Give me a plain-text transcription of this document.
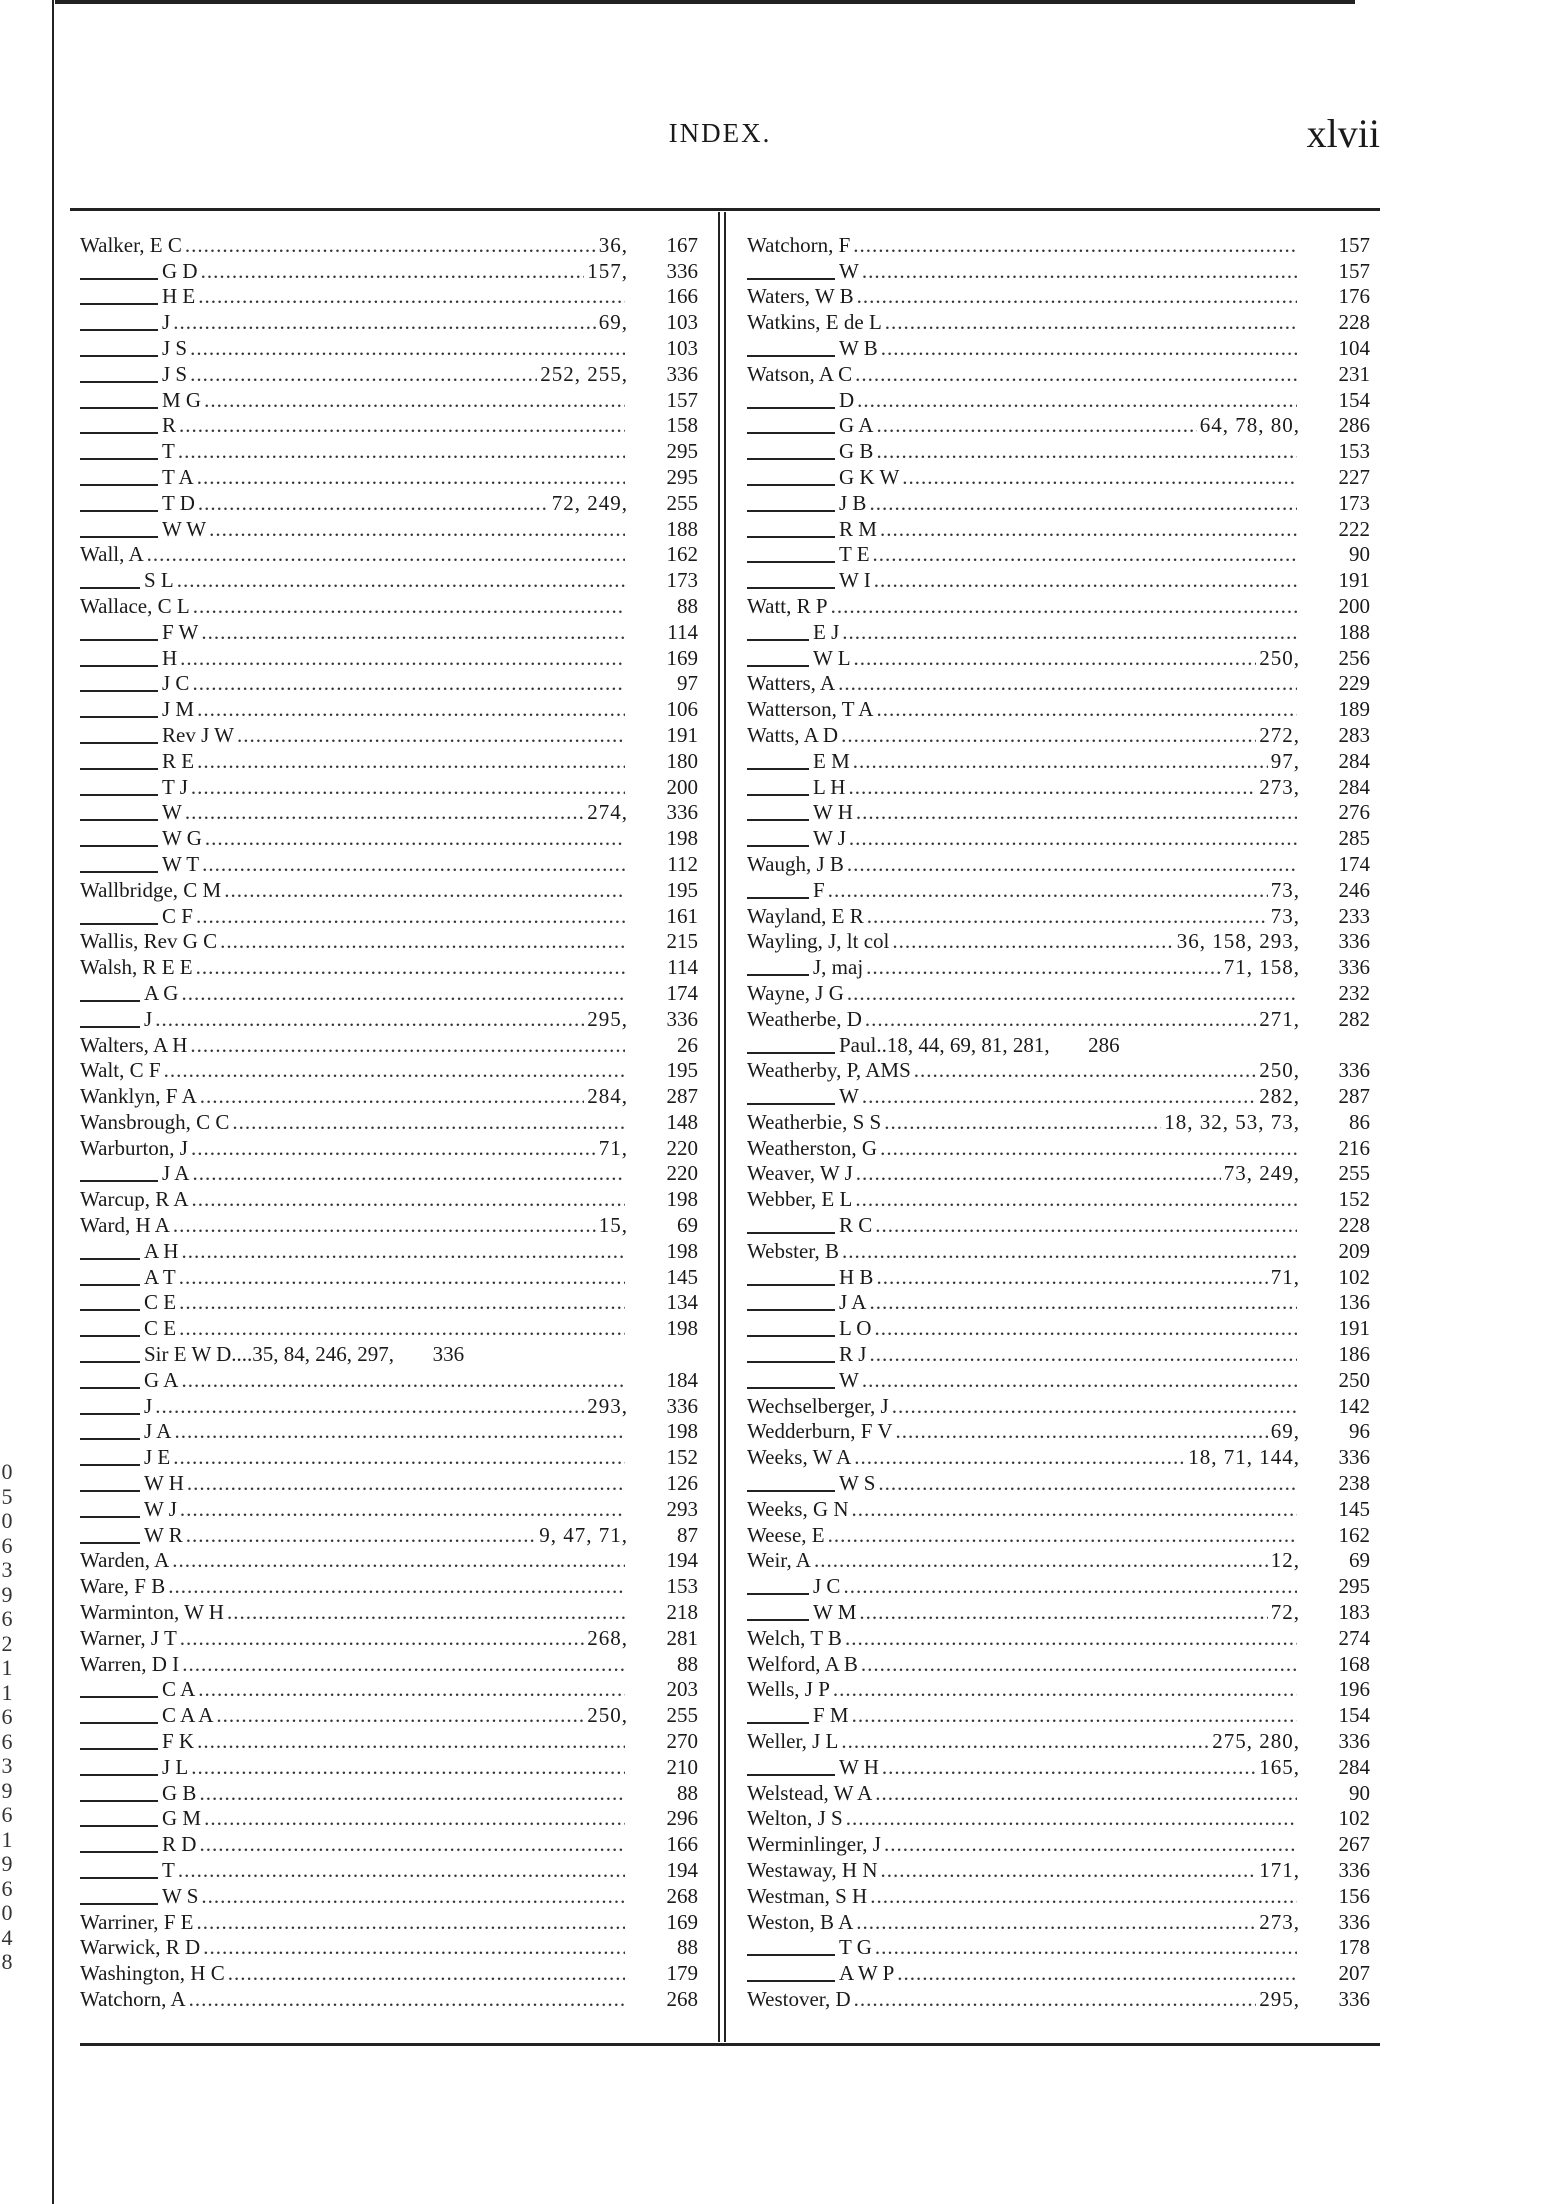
0
5
0
6
3
9
6
2
1
1
6
6
3
9
6
1
9
6
0
4
8
INDEX.	xlvii
Walker, E C .....	36,	167
G D .....	157,	336
H E .....	166
J .....	69,	103
J S .....	103
J S .....	252, 255,	336
M G .....	157
R .....	158
T .....	295
T A .....	295
T D .....	72, 249,	255
W W .....	188
Wall, A .....	162
S L .....	173
Wallace, C L .....	88
F W .....	114
H .....	169
J C .....	97
J M .....	106
Rev J W .....	191
R E .....	180
T J .....	200
W .....	274,	336
W G .....	198
W T .....	112
Wallbridge, C M .....	195
C F .....	161
Wallis, Rev G C .....	215
Walsh, R E E .....	114
A G .....	174
J .....	295,	336
Walters, A H .....	26
Walt, C F .....	195
Wanklyn, F A .....	284,	287
Wansbrough, C C .....	148
Warburton, J .....	71,	220
J A .....	220
Warcup, R A .....	198
Ward, H A .....	15,	69
A H .....	198
A T .....	145
C E .....	134
C E .....	198
Sir E W D....35, 84, 246, 297,	336
G A .....	184
J .....	293,	336
J A .....	198
J E .....	152
W H .....	126
W J .....	293
W R .....	9, 47, 71,	87
Warden, A .....	194
Ware, F B .....	153
Warminton, W H .....	218
Warner, J T .....	268,	281
Warren, D I .....	88
C A .....	203
C A A .....	250,	255
F K .....	270
J L .....	210
G B .....	88
G M .....	296
R D .....	166
T .....	194
W S .....	268
Warriner, F E .....	169
Warwick, R D .....	88
Washington, H C .....	179
Watchorn, A .....	268
Watchorn, F .....	157
W .....	157
Waters, W B .....	176
Watkins, E de L .....	228
W B .....	104
Watson, A C .....	231
D .....	154
G A .....	64, 78, 80,	286
G B .....	153
G K W .....	227
J B .....	173
R M .....	222
T E .....	90
W I .....	191
Watt, R P .....	200
E J .....	188
W L .....	250,	256
Watters, A .....	229
Watterson, T A .....	189
Watts, A D .....	272,	283
E M .....	97,	284
L H .....	273,	284
W H .....	276
W J .....	285
Waugh, J B .....	174
F .....	73,	246
Wayland, E R .....	73,	233
Wayling, J, lt col .....	36, 158, 293,	336
J, maj .....	71, 158,	336
Wayne, J G .....	232
Weatherbe, D .....	271,	282
Paul..18, 44, 69, 81, 281,	286
Weatherby, P, AMS .....	250,	336
W .....	282,	287
Weatherbie, S S .....	18, 32, 53, 73,	86
Weatherston, G .....	216
Weaver, W J .....	73, 249,	255
Webber, E L .....	152
R C .....	228
Webster, B .....	209
H B .....	71,	102
J A .....	136
L O .....	191
R J .....	186
W .....	250
Wechselberger, J .....	142
Wedderburn, F V .....	69,	96
Weeks, W A .....	18, 71, 144,	336
W S .....	238
Weeks, G N .....	145
Weese, E .....	162
Weir, A .....	12,	69
J C .....	295
W M .....	72,	183
Welch, T B .....	274
Welford, A B .....	168
Wells, J P .....	196
F M .....	154
Weller, J L .....	275, 280,	336
W H .....	165,	284
Welstead, W A .....	90
Welton, J S .....	102
Werminlinger, J .....	267
Westaway, H N .....	171,	336
Westman, S H .....	156
Weston, B A .....	273,	336
T G .....	178
A W P .....	207
Westover, D .....	295,	336
